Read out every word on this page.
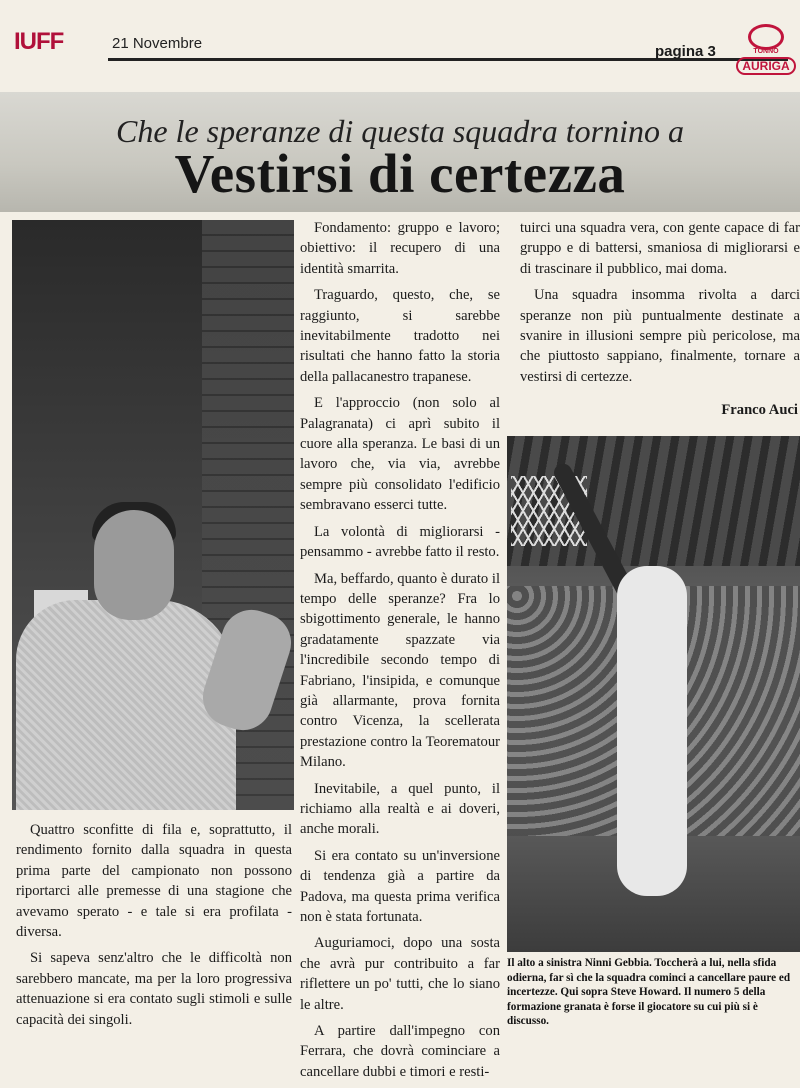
IUFF	21 Novembre	pagina 3	TONNO
AURIGA
Che le speranze di questa squadra tornino a
Vestirsi di certezza

Quattro sconfitte di fila e, soprattutto, il rendimento fornito dalla squadra in questa prima parte del campionato non possono riportarci alle premesse di una stagione che avevamo sperato - e tale si era profilata - diversa.

Si sapeva senz'altro che le difficoltà non sarebbero mancate, ma per la loro progressiva attenuazione si era contato sugli stimoli e sulle capacità dei singoli.

Fondamento: gruppo e lavoro; obiettivo: il recupero di una identità smarrita.

Traguardo, questo, che, se raggiunto, si sarebbe inevitabilmente tradotto nei risultati che hanno fatto la storia della pallacanestro trapanese.

E l'approccio (non solo al Palagranata) ci aprì subito il cuore alla speranza. Le basi di un lavoro che, via via, avrebbe sempre più consolidato l'edificio sembravano esserci tutte.

La volontà di migliorarsi - pensammo - avrebbe fatto il resto.

Ma, beffardo, quanto è durato il tempo delle speranze? Fra lo sbigottimento generale, le hanno gradatamente spazzate via l'incredibile secondo tempo di Fabriano, l'insipida, e comunque già allarmante, prova fornita contro Vicenza, la scellerata prestazione contro la Teorematour Milano.

Inevitabile, a quel punto, il richiamo alla realtà e ai doveri, anche morali.

Si era contato su un'inversione di tendenza già a partire da Padova, ma questa prima verifica non è stata fortunata.

Auguriamoci, dopo una sosta che avrà pur contribuito a far riflettere un po' tutti, che lo siano le altre.

A partire dall'impegno con Ferrara, che dovrà cominciare a cancellare dubbi e timori e resti-

tuirci una squadra vera, con gente capace di far gruppo e di battersi, smaniosa di migliorarsi e di trascinare il pubblico, mai doma.

Una squadra insomma rivolta a darci speranze non più puntualmente destinate a svanire in illusioni sempre più pericolose, ma che piuttosto sappiano, finalmente, tornare a vestirsi di certezze.

Franco Auci
Il alto a sinistra Ninni Gebbia. Toccherà a lui, nella sfida odierna, far sì che la squadra cominci a cancellare paure ed incertezze. Qui sopra Steve Howard. Il numero 5 della formazione granata è forse il giocatore su cui più si è discusso.
